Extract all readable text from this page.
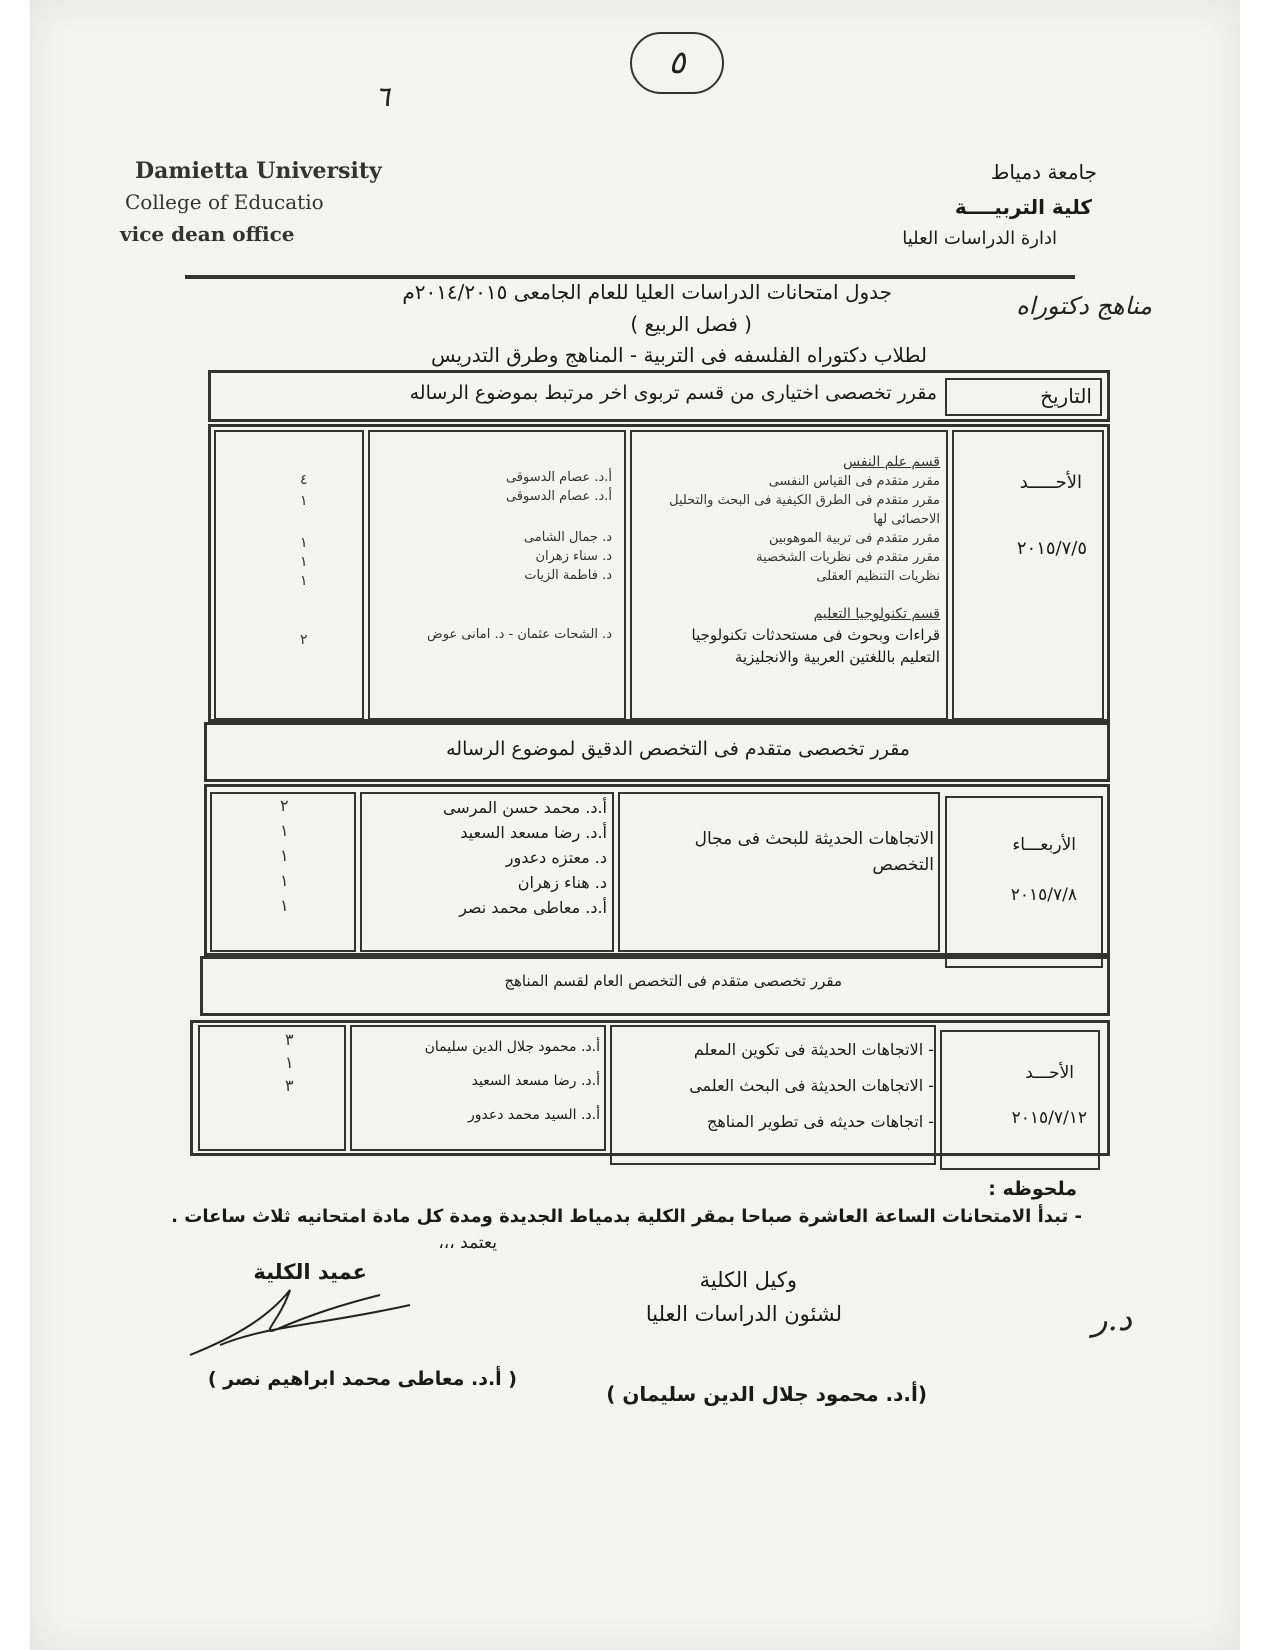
٥
٦
Damietta University
College of Educatio
vice dean office
جامعة دمياط
كلية التربيــــة
ادارة الدراسات العليا
جدول امتحانات الدراسات العليا للعام الجامعى ٢٠١٤/٢٠١٥م	مناهج دكتوراه
( فصل الربيع )
لطلاب دكتوراه الفلسفه فى التربية - المناهج وطرق التدريس
التاريخ
مقرر تخصصى اختيارى من قسم تربوى اخر مرتبط بموضوع الرساله
الأحـــــد
٢٠١٥/٧/٥
قسم علم النفس
مقرر متقدم فى القياس النفسى
مقرر متقدم فى الطرق الكيفية فى البحث والتحليل
الاحصائى لها
مقرر متقدم فى تربية الموهوبين
مقرر متقدم فى نظريات الشخصية
نظريات التنظيم العقلى
قسم تكنولوجيا التعليم
قراءات وبحوث فى مستحدثات تكنولوجيا
التعليم باللغتين العربية والانجليزية
أ.د. عصام الدسوقى
أ.د. عصام الدسوقى
د. جمال الشامى
د. سناء زهران
د. فاطمة الزيات
د. الشحات عثمان - د. امانى عوض
٤
١
١
١
١
٢
مقرر تخصصى متقدم فى التخصص الدقيق لموضوع الرساله
الأربعـــاء
٢٠١٥/٧/٨
الاتجاهات الحديثة للبحث فى مجال
التخصص
أ.د. محمد حسن المرسى
أ.د. رضا مسعد السعيد
د. معتزه دعدور
د. هناء زهران
أ.د. معاطى محمد نصر
٢
١
١
١
١
مقرر تخصصى متقدم فى التخصص العام لقسم المناهج
الأحـــد
٢٠١٥/٧/١٢
- الاتجاهات الحديثة فى تكوين المعلم
- الاتجاهات الحديثة فى البحث العلمى
- اتجاهات حديثه فى تطوير المناهج
أ.د. محمود جلال الدين سليمان
أ.د. رضا مسعد السعيد
أ.د. السيد محمد دعدور
٣
١
٣
ملحوظه :
- تبدأ الامتحانات الساعة العاشرة صباحا بمقر الكلية بدمياط الجديدة ومدة كل مادة امتحانيه ثلاث ساعات .
يعتمد ،،،
عميد الكلية
( أ.د. معاطى محمد ابراهيم نصر )
وكيل الكلية
لشئون الدراسات العليا
(أ.د. محمود جلال الدين سليمان )
د.ر
